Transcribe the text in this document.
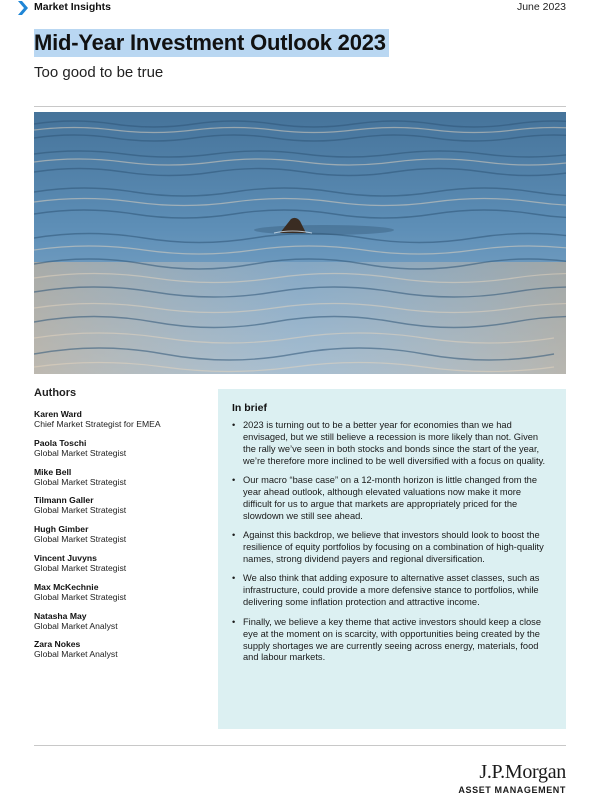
Market Insights	June 2023
Mid-Year Investment Outlook 2023
Too good to be true
Authors
Karen Ward
Chief Market Strategist for EMEA
Paola Toschi
Global Market Strategist
Mike Bell
Global Market Strategist
Tilmann Galler
Global Market Strategist
Hugh Gimber
Global Market Strategist
Vincent Juvyns
Global Market Strategist
Max McKechnie
Global Market Strategist
Natasha May
Global Market Analyst
Zara Nokes
Global Market Analyst
In brief
• 2023 is turning out to be a better year for economies than we had envisaged, but we still believe a recession is more likely than not. Given the rally we’ve seen in both stocks and bonds since the start of the year, we’re therefore more inclined to be well diversified with a focus on quality.
• Our macro “base case” on a 12-month horizon is little changed from the year ahead outlook, although elevated valuations now make it more difficult for us to argue that markets are appropriately priced for the slowdown we still see ahead.
• Against this backdrop, we believe that investors should look to boost the resilience of equity portfolios by focusing on a combination of high-quality names, strong dividend payers and regional diversification.
• We also think that adding exposure to alternative asset classes, such as infrastructure, could provide a more defensive stance to portfolios, while delivering some inflation protection and attractive income.
• Finally, we believe a key theme that active investors should keep a close eye at the moment on is scarcity, with opportunities being created by the supply shortages we are currently seeing across energy, materials, food and labour markets.
J.P.Morgan
ASSET MANAGEMENT
